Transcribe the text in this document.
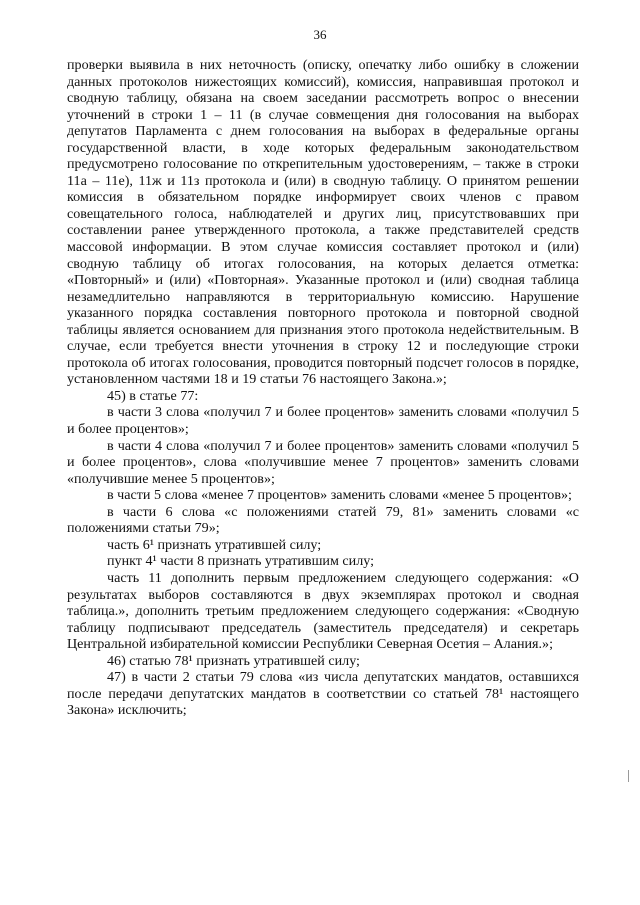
36

проверки выявила в них неточность (описку, опечатку либо ошибку в сложении данных протоколов нижестоящих комиссий), комиссия, направившая протокол и сводную таблицу, обязана на своем заседании рассмотреть вопрос о внесении уточнений в строки 1 – 11 (в случае совмещения дня голосования на выборах депутатов Парламента с днем голосования на выборах в федеральные органы государственной власти, в ходе которых федеральным законодательством предусмотрено голосование по открепительным удостоверениям, – также в строки 11а – 11е), 11ж и 11з протокола и (или) в сводную таблицу. О принятом решении комиссия в обязательном порядке информирует своих членов с правом совещательного голоса, наблюдателей и других лиц, присутствовавших при составлении ранее утвержденного протокола, а также представителей средств массовой информации. В этом случае комиссия составляет протокол и (или) сводную таблицу об итогах голосования, на которых делается отметка: «Повторный» и (или) «Повторная». Указанные протокол и (или) сводная таблица незамедлительно направляются в территориальную комиссию. Нарушение указанного порядка составления повторного протокола и повторной сводной таблицы является основанием для признания этого протокола недействительным. В случае, если требуется внести уточнения в строку 12 и последующие строки протокола об итогах голосования, проводится повторный подсчет голосов в порядке, установленном частями 18 и 19 статьи 76 настоящего Закона.»;

45) в статье 77:

в части 3 слова «получил 7 и более процентов» заменить словами «получил 5 и более процентов»;

в части 4 слова «получил 7 и более процентов» заменить словами «получил 5 и более процентов», слова «получившие менее 7 процентов» заменить словами «получившие менее 5 процентов»;

в части 5 слова «менее 7 процентов» заменить словами «менее 5 процентов»;

в части 6 слова «с положениями статей 79, 81» заменить словами «с положениями статьи 79»;

часть 6¹ признать утратившей силу;

пункт 4¹ части 8 признать утратившим силу;

часть 11 дополнить первым предложением следующего содержания: «О результатах выборов составляются в двух экземплярах протокол и сводная таблица.», дополнить третьим предложением следующего содержания: «Сводную таблицу подписывают председатель (заместитель председателя) и секретарь Центральной избирательной комиссии Республики Северная Осетия – Алания.»;

46) статью 78¹ признать утратившей силу;

47) в части 2 статьи 79 слова «из числа депутатских мандатов, оставшихся после передачи депутатских мандатов в соответствии со статьей 78¹ настоящего Закона» исключить;
